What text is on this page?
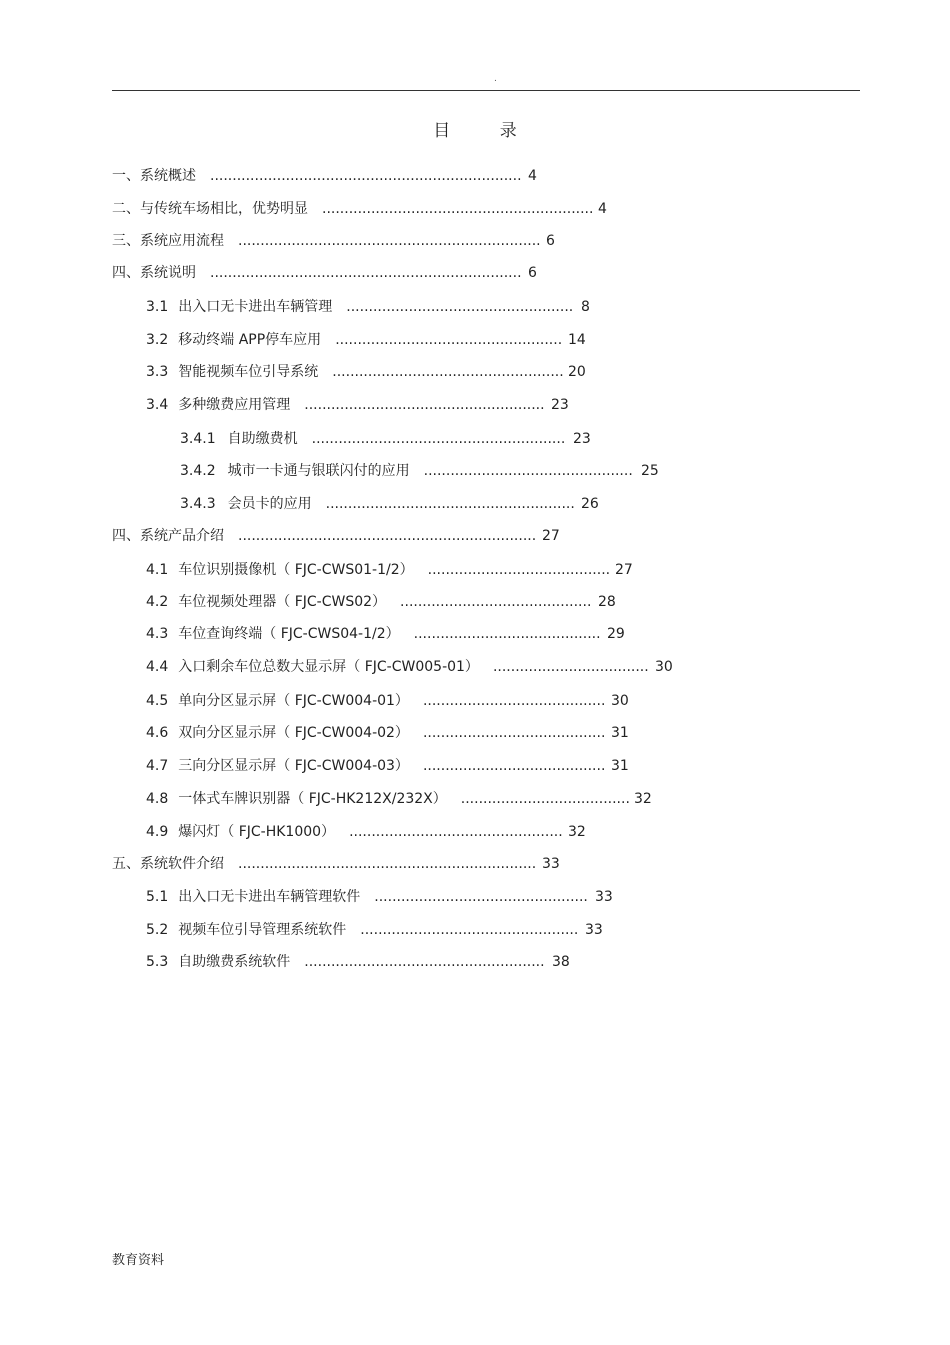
.
目 录
一、系统概述 ...................................................................... 4
二、与传统车场相比，优势明显 ............................................................. 4
三、系统应用流程 .................................................................... 6
四、系统说明 ...................................................................... 6
3.1 出入口无卡进出车辆管理 ................................................... 8
3.2 移动终端 APP停车应用 ................................................... 14
3.3 智能视频车位引导系统 .................................................... 20
3.4 多种缴费应用管理 ...................................................... 23
3.4.1 自助缴费机 ......................................................... 23
3.4.2 城市一卡通与银联闪付的应用 ............................................... 25
3.4.3 会员卡的应用 ........................................................ 26
四、系统产品介绍 ................................................................... 27
4.1 车位识别摄像机（ FJC-CWS01-1/2） ......................................... 27
4.2 车位视频处理器（ FJC-CWS02） ........................................... 28
4.3 车位查询终端（ FJC-CWS04-1/2） .......................................... 29
4.4 入口剩余车位总数大显示屏（ FJC-CW005-01） ................................... 30
4.5 单向分区显示屏（ FJC-CW004-01） ......................................... 30
4.6 双向分区显示屏（ FJC-CW004-02） ......................................... 31
4.7 三向分区显示屏（ FJC-CW004-03） ......................................... 31
4.8 一体式车牌识别器（ FJC-HK212X/232X） ...................................... 32
4.9 爆闪灯（ FJC-HK1000） ................................................ 32
五、系统软件介绍 ................................................................... 33
5.1 出入口无卡进出车辆管理软件 ................................................ 33
5.2 视频车位引导管理系统软件 ................................................. 33
5.3 自助缴费系统软件 ...................................................... 38
教育资料
